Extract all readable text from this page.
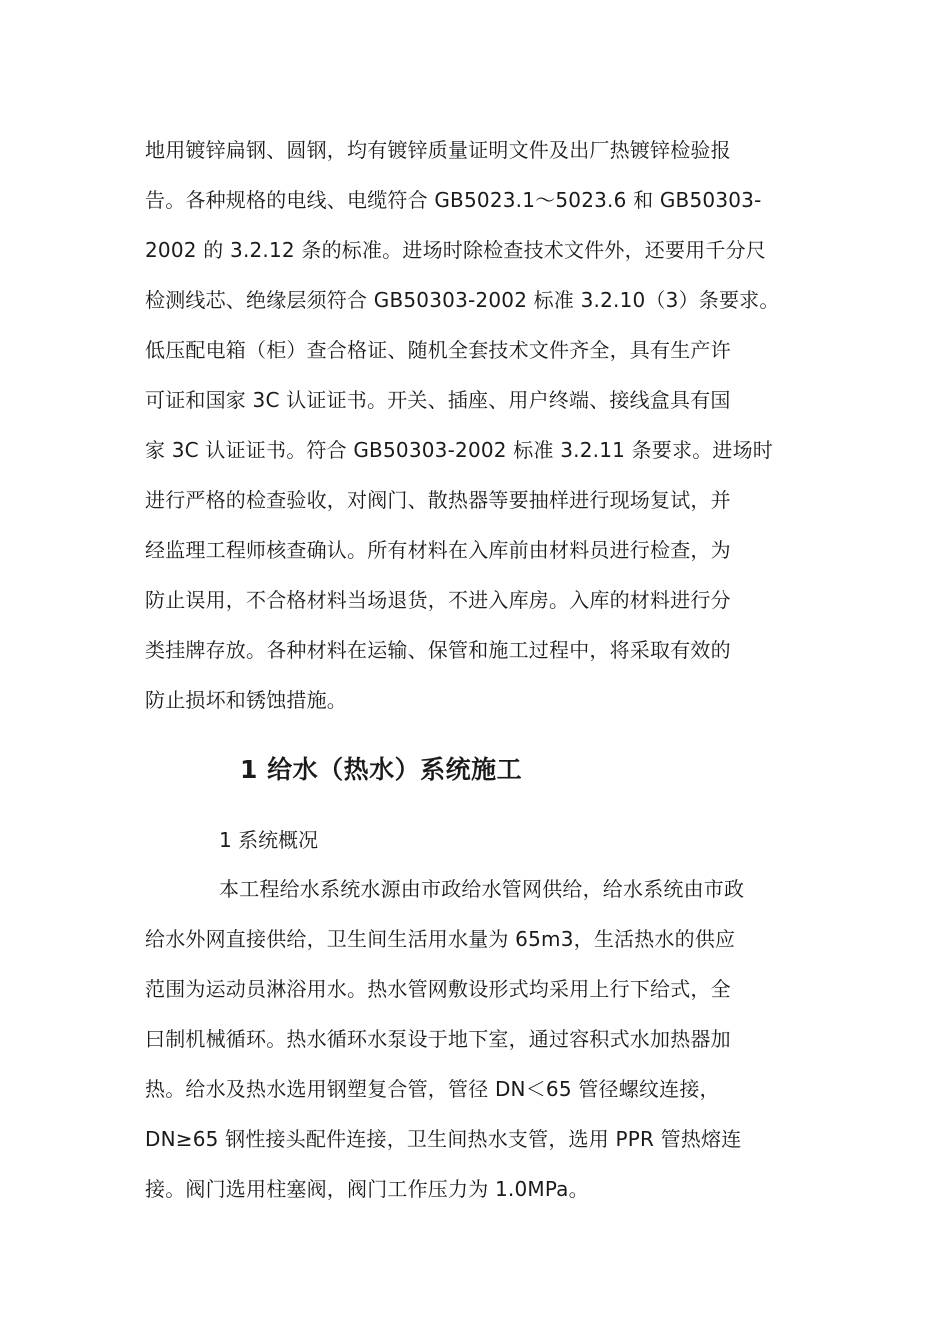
地用镀锌扁钢、圆钢，均有镀锌质量证明文件及出厂热镀锌检验报
告。各种规格的电线、电缆符合 GB5023.1～5023.6 和 GB50303-
2002 的 3.2.12 条的标准。进场时除检查技术文件外，还要用千分尺
检测线芯、绝缘层须符合 GB50303-2002 标准 3.2.10（3）条要求。
低压配电箱（柜）查合格证、随机全套技术文件齐全，具有生产许
可证和国家 3C 认证证书。开关、插座、用户终端、接线盒具有国
家 3C 认证证书。符合 GB50303-2002 标准 3.2.11 条要求。进场时
进行严格的检查验收，对阀门、散热器等要抽样进行现场复试，并
经监理工程师核查确认。所有材料在入库前由材料员进行检查，为
防止误用，不合格材料当场退货，不进入库房。入库的材料进行分
类挂牌存放。各种材料在运输、保管和施工过程中，将采取有效的
防止损坏和锈蚀措施。
1 给水（热水）系统施工
1 系统概况
本工程给水系统水源由市政给水管网供给，给水系统由市政
给水外网直接供给，卫生间生活用水量为 65m3，生活热水的供应
范围为运动员淋浴用水。热水管网敷设形式均采用上行下给式，全
曰制机械循环。热水循环水泵设于地下室，通过容积式水加热器加
热。给水及热水选用钢塑复合管，管径 DN＜65 管径螺纹连接，
DN≥65 钢性接头配件连接，卫生间热水支管，选用 PPR 管热熔连
接。阀门选用柱塞阀，阀门工作压力为 1.0MPa。
